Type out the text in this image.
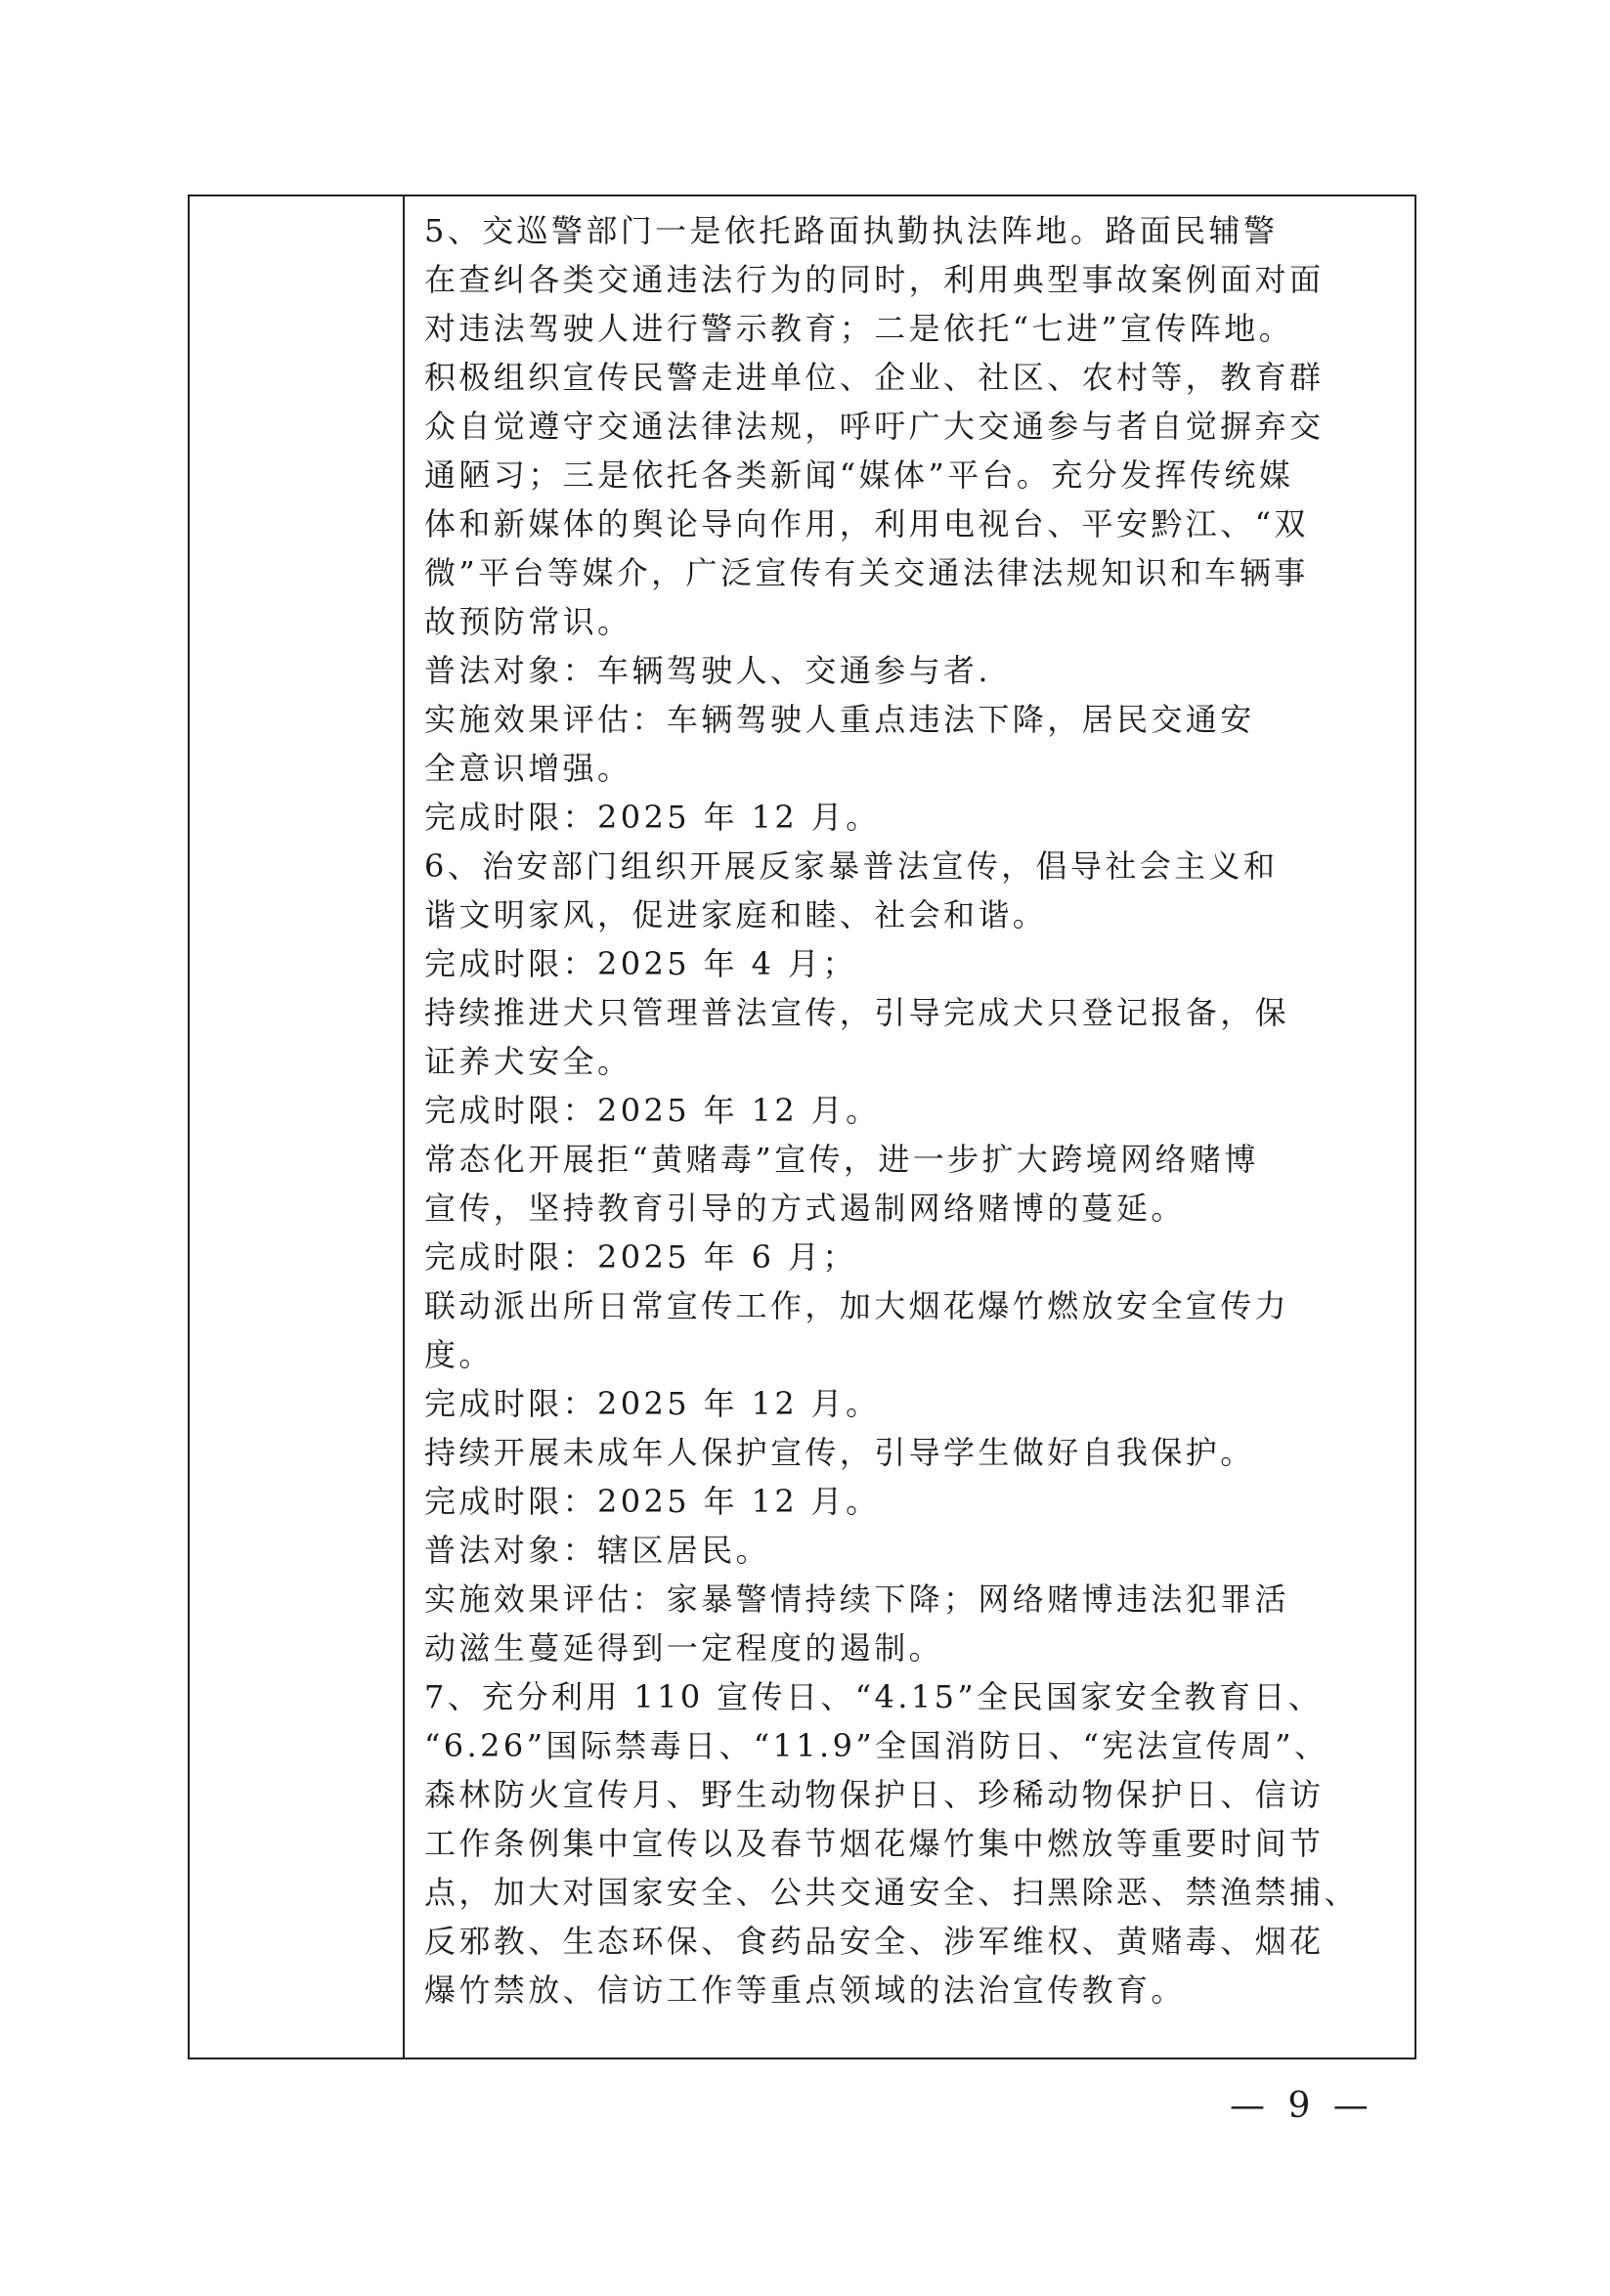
5、交巡警部门一是依托路面执勤执法阵地。路面民辅警
在查纠各类交通违法行为的同时，利用典型事故案例面对面
对违法驾驶人进行警示教育；二是依托“七进”宣传阵地。
积极组织宣传民警走进单位、企业、社区、农村等，教育群
众自觉遵守交通法律法规，呼吁广大交通参与者自觉摒弃交
通陋习；三是依托各类新闻“媒体”平台。充分发挥传统媒
体和新媒体的舆论导向作用，利用电视台、平安黔江、“双
微”平台等媒介，广泛宣传有关交通法律法规知识和车辆事
故预防常识。
普法对象：车辆驾驶人、交通参与者.
实施效果评估：车辆驾驶人重点违法下降，居民交通安
全意识增强。
完成时限：2025 年 12 月。
6、治安部门组织开展反家暴普法宣传，倡导社会主义和
谐文明家风，促进家庭和睦、社会和谐。
完成时限：2025 年 4 月；
持续推进犬只管理普法宣传，引导完成犬只登记报备，保
证养犬安全。
完成时限：2025 年 12 月。
常态化开展拒“黄赌毒”宣传，进一步扩大跨境网络赌博
宣传，坚持教育引导的方式遏制网络赌博的蔓延。
完成时限：2025 年 6 月；
联动派出所日常宣传工作，加大烟花爆竹燃放安全宣传力
度。
完成时限：2025 年 12 月。
持续开展未成年人保护宣传，引导学生做好自我保护。
完成时限：2025 年 12 月。
普法对象：辖区居民。
实施效果评估：家暴警情持续下降；网络赌博违法犯罪活
动滋生蔓延得到一定程度的遏制。
7、充分利用 110 宣传日、“4.15”全民国家安全教育日、
“6.26”国际禁毒日、“11.9”全国消防日、“宪法宣传周”、
森林防火宣传月、野生动物保护日、珍稀动物保护日、信访
工作条例集中宣传以及春节烟花爆竹集中燃放等重要时间节
点，加大对国家安全、公共交通安全、扫黑除恶、禁渔禁捕、
反邪教、生态环保、食药品安全、涉军维权、黄赌毒、烟花
爆竹禁放、信访工作等重点领域的法治宣传教育。
— 9 —
